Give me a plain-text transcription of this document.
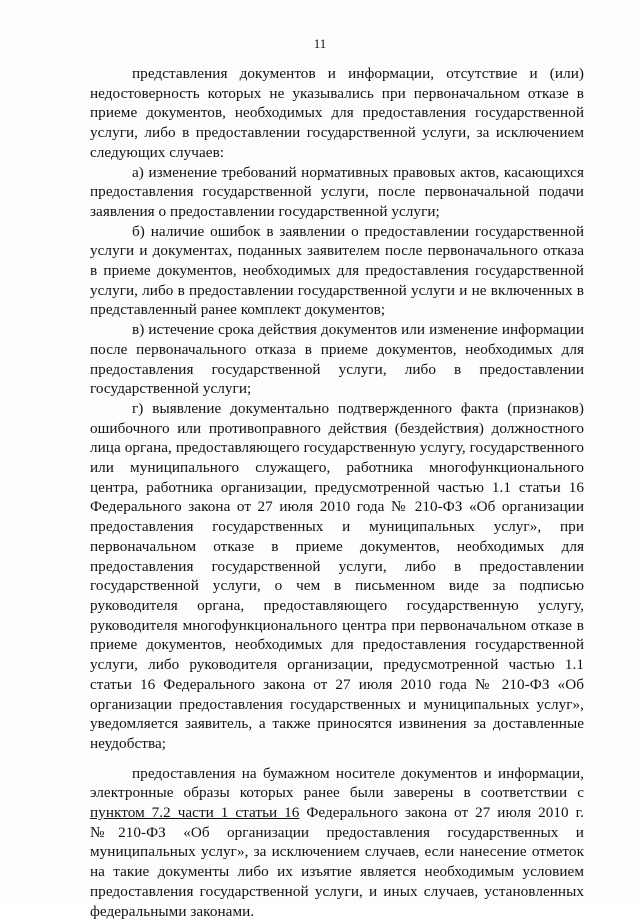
11

представления документов и информации, отсутствие и (или) недостоверность которых не указывались при первоначальном отказе в приеме документов, необходимых для предоставления государственной услуги, либо в предоставлении государственной услуги, за исключением следующих случаев:

а) изменение требований нормативных правовых актов, касающихся предоставления государственной услуги, после первоначальной подачи заявления о предоставлении государственной услуги;

б) наличие ошибок в заявлении о предоставлении государственной услуги и документах, поданных заявителем после первоначального отказа в приеме документов, необходимых для предоставления государственной услуги, либо в предоставлении государственной услуги и не включенных в представленный ранее комплект документов;

в) истечение срока действия документов или изменение информации после первоначального отказа в приеме документов, необходимых для предоставления государственной услуги, либо в предоставлении государственной услуги;

г) выявление документально подтвержденного факта (признаков) ошибочного или противоправного действия (бездействия) должностного лица органа, предоставляющего государственную услугу, государственного или муниципального служащего, работника многофункционального центра, работника организации, предусмотренной частью 1.1 статьи 16 Федерального закона от 27 июля 2010 года № 210-ФЗ «Об организации предоставления государственных и муниципальных услуг», при первоначальном отказе в приеме документов, необходимых для предоставления государственной услуги, либо в предоставлении государственной услуги, о чем в письменном виде за подписью руководителя органа, предоставляющего государственную услугу, руководителя многофункционального центра при первоначальном отказе в приеме документов, необходимых для предоставления государственной услуги, либо руководителя организации, предусмотренной частью 1.1 статьи 16 Федерального закона от 27 июля 2010 года № 210-ФЗ «Об организации предоставления государственных и муниципальных услуг», уведомляется заявитель, а также приносятся извинения за доставленные неудобства;

предоставления на бумажном носителе документов и информации, электронные образы которых ранее были заверены в соответствии с пунктом 7.2 части 1 статьи 16 Федерального закона от 27 июля 2010 г. №210-ФЗ «Об организации предоставления государственных и муниципальных услуг», за исключением случаев, если нанесение отметок на такие документы либо их изъятие является необходимым условием предоставления государственной услуги, и иных случаев, установленных федеральными законами.
